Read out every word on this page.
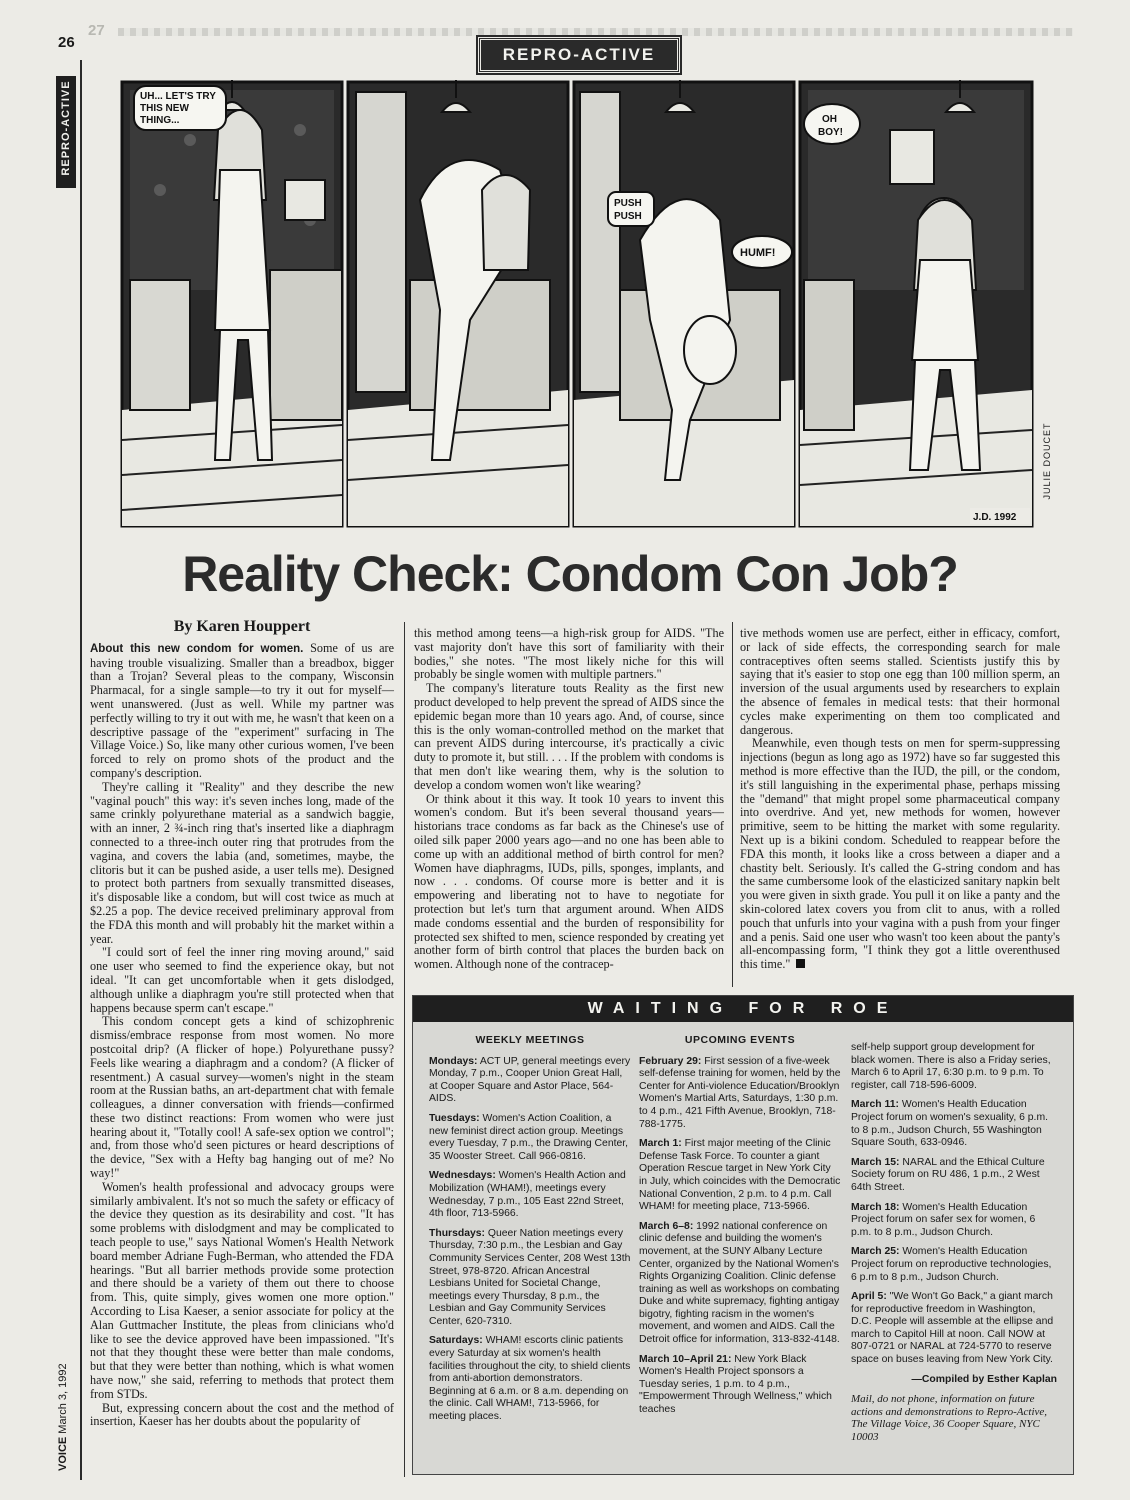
27
26
REPRO-ACTIVE
REPRO-ACTIVE
VOICE March 3, 1992
UH... LET'S TRY
THIS NEW
THING...
PUSH
PUSH
HUMF!
OH
BOY!
J.D. 1992
JULIE DOUCET
Reality Check: Condom Con Job?

By Karen Houppert

About this new condom for women. Some of us are having trouble visualizing. Smaller than a breadbox, bigger than a Trojan? Several pleas to the company, Wisconsin Pharmacal, for a single sample—to try it out for myself—went unanswered. (Just as well. While my partner was perfectly willing to try it out with me, he wasn't that keen on a descriptive passage of the "experiment" surfacing in The Village Voice.) So, like many other curious women, I've been forced to rely on promo shots of the product and the company's description.

They're calling it "Reality" and they describe the new "vaginal pouch" this way: it's seven inches long, made of the same crinkly polyurethane material as a sandwich baggie, with an inner, 2 ¾-inch ring that's inserted like a diaphragm connected to a three-inch outer ring that protrudes from the vagina, and covers the labia (and, sometimes, maybe, the clitoris but it can be pushed aside, a user tells me). Designed to protect both partners from sexually transmitted diseases, it's disposable like a condom, but will cost twice as much at $2.25 a pop. The device received preliminary approval from the FDA this month and will probably hit the market within a year.

"I could sort of feel the inner ring moving around," said one user who seemed to find the experience okay, but not ideal. "It can get uncomfortable when it gets dislodged, although unlike a diaphragm you're still protected when that happens because sperm can't escape."

This condom concept gets a kind of schizophrenic dismiss/embrace response from most women. No more postcoital drip? (A flicker of hope.) Polyurethane pussy? Feels like wearing a diaphragm and a condom? (A flicker of resentment.) A casual survey—women's night in the steam room at the Russian baths, an art-department chat with female colleagues, a dinner conversation with friends—confirmed these two distinct reactions: From women who were just hearing about it, "Totally cool! A safe-sex option we control"; and, from those who'd seen pictures or heard descriptions of the device, "Sex with a Hefty bag hanging out of me? No way!"

Women's health professional and advocacy groups were similarly ambivalent. It's not so much the safety or efficacy of the device they question as its desirability and cost. "It has some problems with dislodgment and may be complicated to teach people to use," says National Women's Health Network board member Adriane Fugh-Berman, who attended the FDA hearings. "But all barrier methods provide some protection and there should be a variety of them out there to choose from. This, quite simply, gives women one more option." According to Lisa Kaeser, a senior associate for policy at the Alan Guttmacher Institute, the pleas from clinicians who'd like to see the device approved have been impassioned. "It's not that they thought these were better than male condoms, but that they were better than nothing, which is what women have now," she said, referring to methods that protect them from STDs.

But, expressing concern about the cost and the method of insertion, Kaeser has her doubts about the popularity of

this method among teens—a high-risk group for AIDS. "The vast majority don't have this sort of familiarity with their bodies," she notes. "The most likely niche for this will probably be single women with multiple partners."

The company's literature touts Reality as the first new product developed to help prevent the spread of AIDS since the epidemic began more than 10 years ago. And, of course, since this is the only woman-controlled method on the market that can prevent AIDS during intercourse, it's practically a civic duty to promote it, but still. . . . If the problem with condoms is that men don't like wearing them, why is the solution to develop a condom women won't like wearing?

Or think about it this way. It took 10 years to invent this women's condom. But it's been several thousand years—historians trace condoms as far back as the Chinese's use of oiled silk paper 2000 years ago—and no one has been able to come up with an additional method of birth control for men? Women have diaphragms, IUDs, pills, sponges, implants, and now . . . condoms. Of course more is better and it is empowering and liberating not to have to negotiate for protection but let's turn that argument around. When AIDS made condoms essential and the burden of responsibility for protected sex shifted to men, science responded by creating yet another form of birth control that places the burden back on women. Although none of the contracep-

tive methods women use are perfect, either in efficacy, comfort, or lack of side effects, the corresponding search for male contraceptives often seems stalled. Scientists justify this by saying that it's easier to stop one egg than 100 million sperm, an inversion of the usual arguments used by researchers to explain the absence of females in medical tests: that their hormonal cycles make experimenting on them too complicated and dangerous.

Meanwhile, even though tests on men for sperm-suppressing injections (begun as long ago as 1972) have so far suggested this method is more effective than the IUD, the pill, or the condom, it's still languishing in the experimental phase, perhaps missing the "demand" that might propel some pharmaceutical company into overdrive. And yet, new methods for women, however primitive, seem to be hitting the market with some regularity. Next up is a bikini condom. Scheduled to reappear before the FDA this month, it looks like a cross between a diaper and a chastity belt. Seriously. It's called the G-string condom and has the same cumbersome look of the elasticized sanitary napkin belt you were given in sixth grade. You pull it on like a panty and the skin-colored latex covers you from clit to anus, with a rolled pouch that unfurls into your vagina with a push from your finger and a penis. Said one user who wasn't too keen about the panty's all-encompassing form, "I think they got a little overenthused this time."

WAITING FOR ROE

WEEKLY MEETINGS

Mondays: ACT UP, general meetings every Monday, 7 p.m., Cooper Union Great Hall, at Cooper Square and Astor Place, 564-AIDS.

Tuesdays: Women's Action Coalition, a new feminist direct action group. Meetings every Tuesday, 7 p.m., the Drawing Center, 35 Wooster Street. Call 966-0816.

Wednesdays: Women's Health Action and Mobilization (WHAM!), meetings every Wednesday, 7 p.m., 105 East 22nd Street, 4th floor, 713-5966.

Thursdays: Queer Nation meetings every Thursday, 7:30 p.m., the Lesbian and Gay Community Services Center, 208 West 13th Street, 978-8720. African Ancestral Lesbians United for Societal Change, meetings every Thursday, 8 p.m., the Lesbian and Gay Community Services Center, 620-7310.

Saturdays: WHAM! escorts clinic patients every Saturday at six women's health facilities throughout the city, to shield clients from anti-abortion demonstrators. Beginning at 6 a.m. or 8 a.m. depending on the clinic. Call WHAM!, 713-5966, for meeting places.

UPCOMING EVENTS

February 29: First session of a five-week self-defense training for women, held by the Center for Anti-violence Education/Brooklyn Women's Martial Arts, Saturdays, 1:30 p.m. to 4 p.m., 421 Fifth Avenue, Brooklyn, 718-788-1775.

March 1: First major meeting of the Clinic Defense Task Force. To counter a giant Operation Rescue target in New York City in July, which coincides with the Democratic National Convention, 2 p.m. to 4 p.m. Call WHAM! for meeting place, 713-5966.

March 6–8: 1992 national conference on clinic defense and building the women's movement, at the SUNY Albany Lecture Center, organized by the National Women's Rights Organizing Coalition. Clinic defense training as well as workshops on combating Duke and white supremacy, fighting antigay bigotry, fighting racism in the women's movement, and women and AIDS. Call the Detroit office for information, 313-832-4148.

March 10–April 21: New York Black Women's Health Project sponsors a Tuesday series, 1 p.m. to 4 p.m., "Empowerment Through Wellness," which teaches

self-help support group development for black women. There is also a Friday series, March 6 to April 17, 6:30 p.m. to 9 p.m. To register, call 718-596-6009.

March 11: Women's Health Education Project forum on women's sexuality, 6 p.m. to 8 p.m., Judson Church, 55 Washington Square South, 633-0946.

March 15: NARAL and the Ethical Culture Society forum on RU 486, 1 p.m., 2 West 64th Street.

March 18: Women's Health Education Project forum on safer sex for women, 6 p.m. to 8 p.m., Judson Church.

March 25: Women's Health Education Project forum on reproductive technologies, 6 p.m to 8 p.m., Judson Church.

April 5: "We Won't Go Back," a giant march for reproductive freedom in Washington, D.C. People will assemble at the ellipse and march to Capitol Hill at noon. Call NOW at 807-0721 or NARAL at 724-5770 to reserve space on buses leaving from New York City.

—Compiled by Esther Kaplan

Mail, do not phone, information on future actions and demonstrations to Repro-Active, The Village Voice, 36 Cooper Square, NYC 10003
